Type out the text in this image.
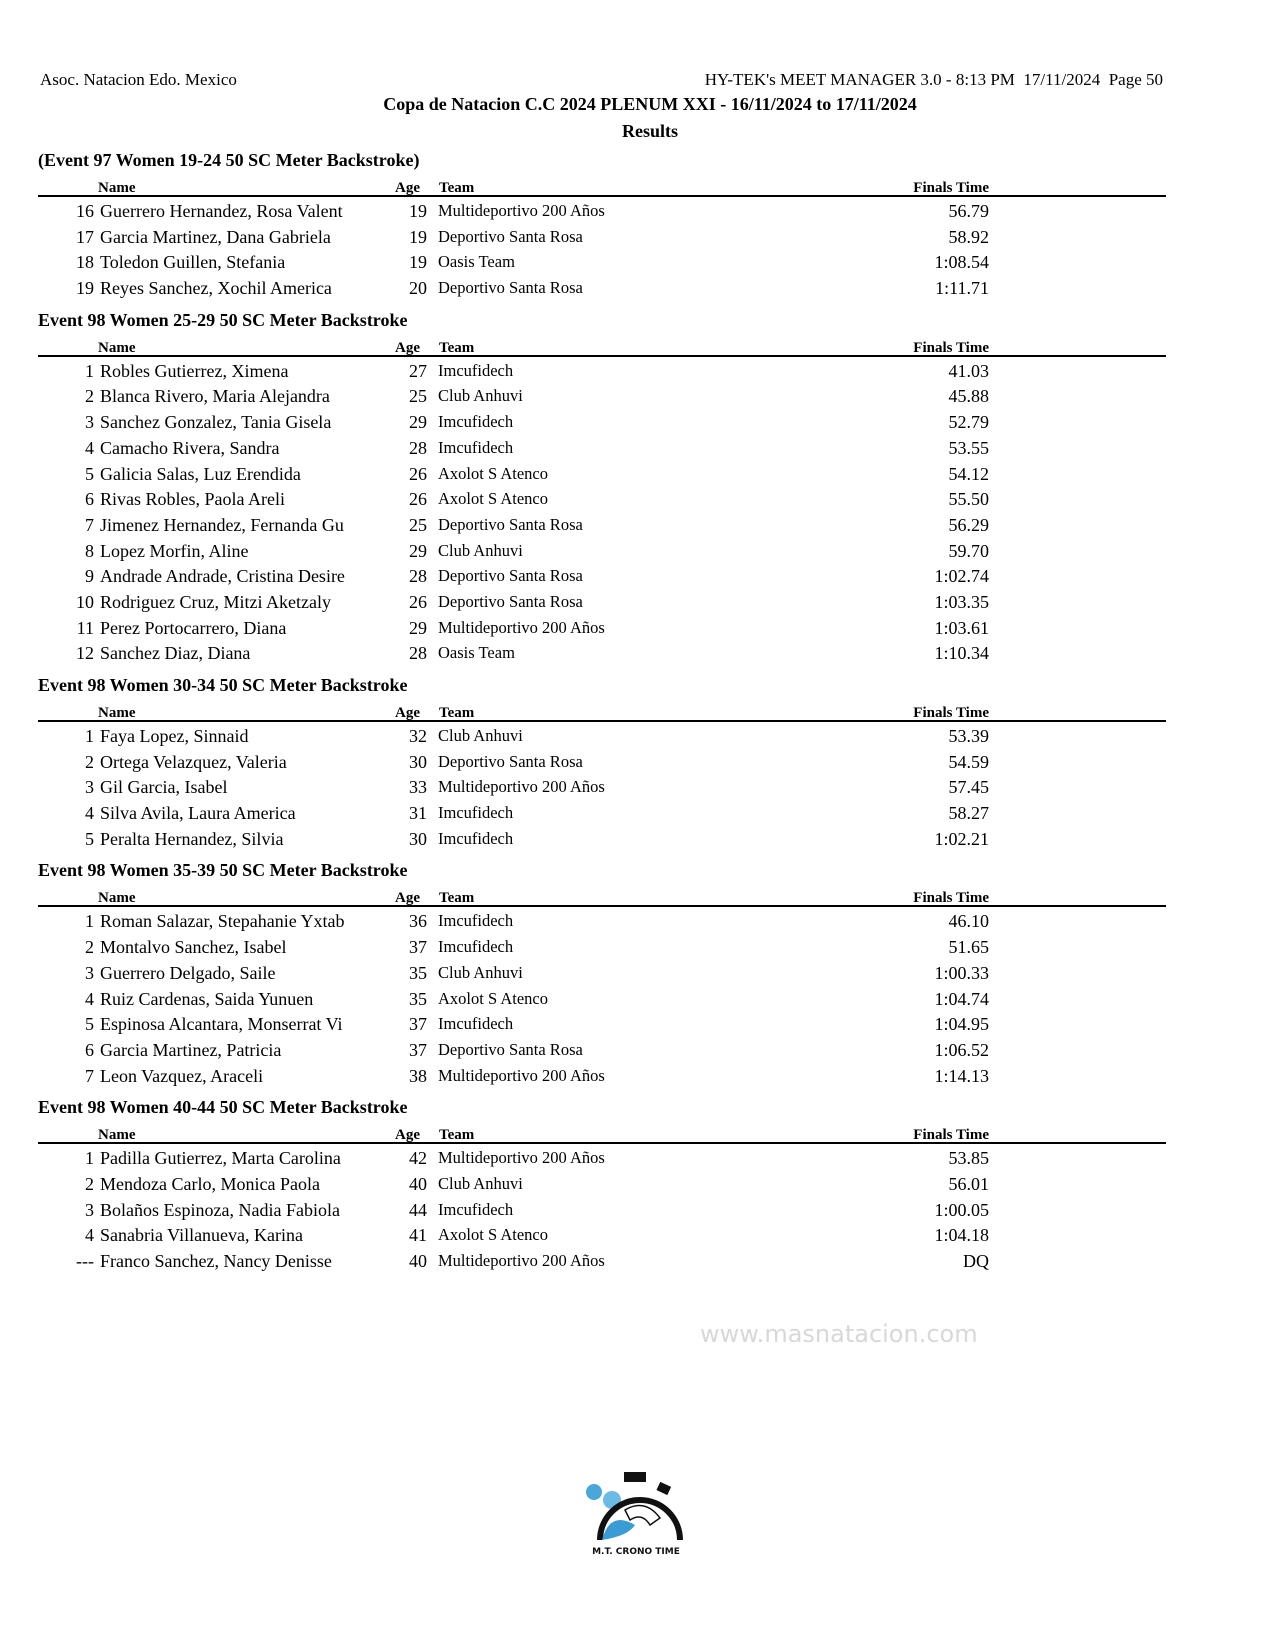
Asoc. Natacion Edo. Mexico	HY-TEK's MEET MANAGER 3.0 - 8:13 PM  17/11/2024  Page 50
Copa de Natacion C.C 2024 PLENUM XXI - 16/11/2024 to 17/11/2024
Results
(Event 97 Women 19-24 50 SC Meter Backstroke)
Name	Age Team	Finals Time
16 Guerrero Hernandez, Rosa Valent	19 Multideportivo 200 Años	56.79
17 Garcia Martinez, Dana Gabriela	19 Deportivo Santa Rosa	58.92
18 Toledon Guillen, Stefania	19 Oasis Team	1:08.54
19 Reyes Sanchez, Xochil America	20 Deportivo Santa Rosa	1:11.71
Event 98 Women 25-29 50 SC Meter Backstroke
Name	Age Team	Finals Time
1 Robles Gutierrez, Ximena	27 Imcufidech	41.03
2 Blanca Rivero, Maria Alejandra	25 Club Anhuvi	45.88
3 Sanchez Gonzalez, Tania Gisela	29 Imcufidech	52.79
4 Camacho Rivera, Sandra	28 Imcufidech	53.55
5 Galicia Salas, Luz Erendida	26 Axolot S Atenco	54.12
6 Rivas Robles, Paola Areli	26 Axolot S Atenco	55.50
7 Jimenez Hernandez, Fernanda Gu	25 Deportivo Santa Rosa	56.29
8 Lopez Morfin, Aline	29 Club Anhuvi	59.70
9 Andrade Andrade, Cristina Desire	28 Deportivo Santa Rosa	1:02.74
10 Rodriguez Cruz, Mitzi Aketzaly	26 Deportivo Santa Rosa	1:03.35
11 Perez Portocarrero, Diana	29 Multideportivo 200 Años	1:03.61
12 Sanchez Diaz, Diana	28 Oasis Team	1:10.34
Event 98 Women 30-34 50 SC Meter Backstroke
Name	Age Team	Finals Time
1 Faya Lopez, Sinnaid	32 Club Anhuvi	53.39
2 Ortega Velazquez, Valeria	30 Deportivo Santa Rosa	54.59
3 Gil Garcia, Isabel	33 Multideportivo 200 Años	57.45
4 Silva Avila, Laura America	31 Imcufidech	58.27
5 Peralta Hernandez, Silvia	30 Imcufidech	1:02.21
Event 98 Women 35-39 50 SC Meter Backstroke
Name	Age Team	Finals Time
1 Roman Salazar, Stepahanie Yxtab	36 Imcufidech	46.10
2 Montalvo Sanchez, Isabel	37 Imcufidech	51.65
3 Guerrero Delgado, Saile	35 Club Anhuvi	1:00.33
4 Ruiz Cardenas, Saida Yunuen	35 Axolot S Atenco	1:04.74
5 Espinosa Alcantara, Monserrat Vi	37 Imcufidech	1:04.95
6 Garcia Martinez, Patricia	37 Deportivo Santa Rosa	1:06.52
7 Leon Vazquez, Araceli	38 Multideportivo 200 Años	1:14.13
Event 98 Women 40-44 50 SC Meter Backstroke
Name	Age Team	Finals Time
1 Padilla Gutierrez, Marta Carolina	42 Multideportivo 200 Años	53.85
2 Mendoza Carlo, Monica Paola	40 Club Anhuvi	56.01
3 Bolaños Espinoza, Nadia Fabiola	44 Imcufidech	1:00.05
4 Sanabria Villanueva, Karina	41 Axolot S Atenco	1:04.18
--- Franco Sanchez, Nancy Denisse	40 Multideportivo 200 Años	DQ
www.masnatacion.com
M.T. CRONO TIME
